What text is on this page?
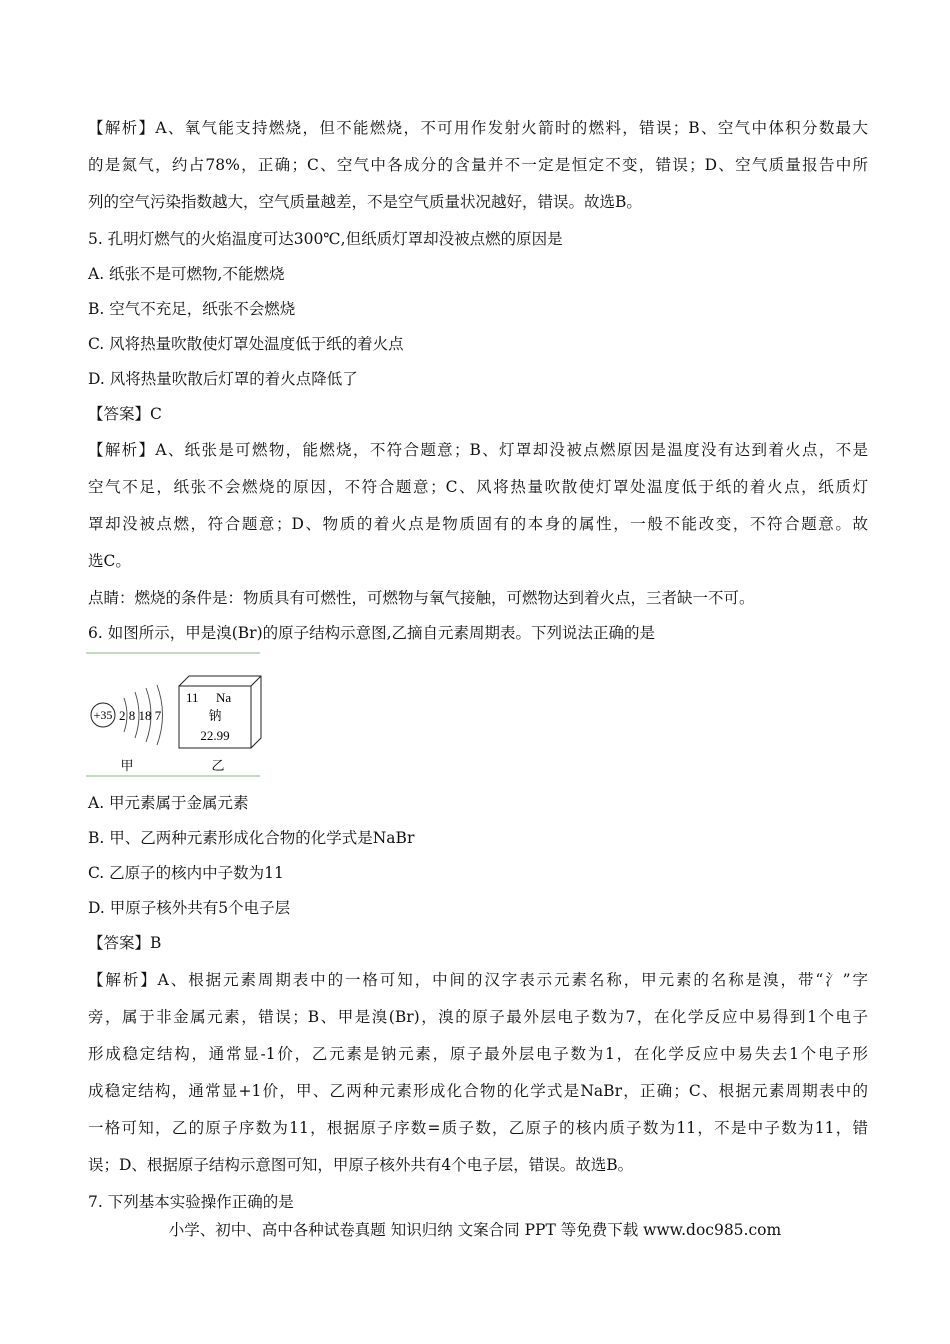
【解析】A、氧气能支持燃烧，但不能燃烧，不可用作发射火箭时的燃料，错误；B、空气中体积分数最大
的是氮气，约占78%，正确；C、空气中各成分的含量并不一定是恒定不变，错误；D、空气质量报告中所
列的空气污染指数越大，空气质量越差，不是空气质量状况越好，错误。故选B。
5. 孔明灯燃气的火焰温度可达300℃,但纸质灯罩却没被点燃的原因是
A. 纸张不是可燃物,不能燃烧
B. 空气不充足，纸张不会燃烧
C. 风将热量吹散使灯罩处温度低于纸的着火点
D. 风将热量吹散后灯罩的着火点降低了
【答案】C
【解析】A、纸张是可燃物，能燃烧，不符合题意；B、灯罩却没被点燃原因是温度没有达到着火点，不是
空气不足，纸张不会燃烧的原因，不符合题意；C、风将热量吹散使灯罩处温度低于纸的着火点，纸质灯
罩却没被点燃，符合题意；D、物质的着火点是物质固有的本身的属性，一般不能改变，不符合题意。故
选C。
点睛：燃烧的条件是：物质具有可燃性，可燃物与氧气接触，可燃物达到着火点，三者缺一不可。
6. 如图所示，甲是溴(Br)的原子结构示意图,乙摘自元素周期表。下列说法正确的是
+35 2 8 18 7
11 Na
钠
22.99
甲	乙
A. 甲元素属于金属元素
B. 甲、乙两种元素形成化合物的化学式是NaBr
C. 乙原子的核内中子数为11
D. 甲原子核外共有5个电子层
【答案】B
【解析】A、根据元素周期表中的一格可知，中间的汉字表示元素名称，甲元素的名称是溴，带“氵”字
旁，属于非金属元素，错误；B、甲是溴(Br)，溴的原子最外层电子数为7，在化学反应中易得到1个电子
形成稳定结构，通常显-1价，乙元素是钠元素，原子最外层电子数为1，在化学反应中易失去1个电子形
成稳定结构，通常显+1价，甲、乙两种元素形成化合物的化学式是NaBr，正确；C、根据元素周期表中的
一格可知，乙的原子序数为11，根据原子序数=质子数，乙原子的核内质子数为11，不是中子数为11，错
误；D、根据原子结构示意图可知，甲原子核外共有4个电子层，错误。故选B。
7. 下列基本实验操作正确的是
小学、初中、高中各种试卷真题 知识归纳 文案合同 PPT 等免费下载 www.doc985.com
